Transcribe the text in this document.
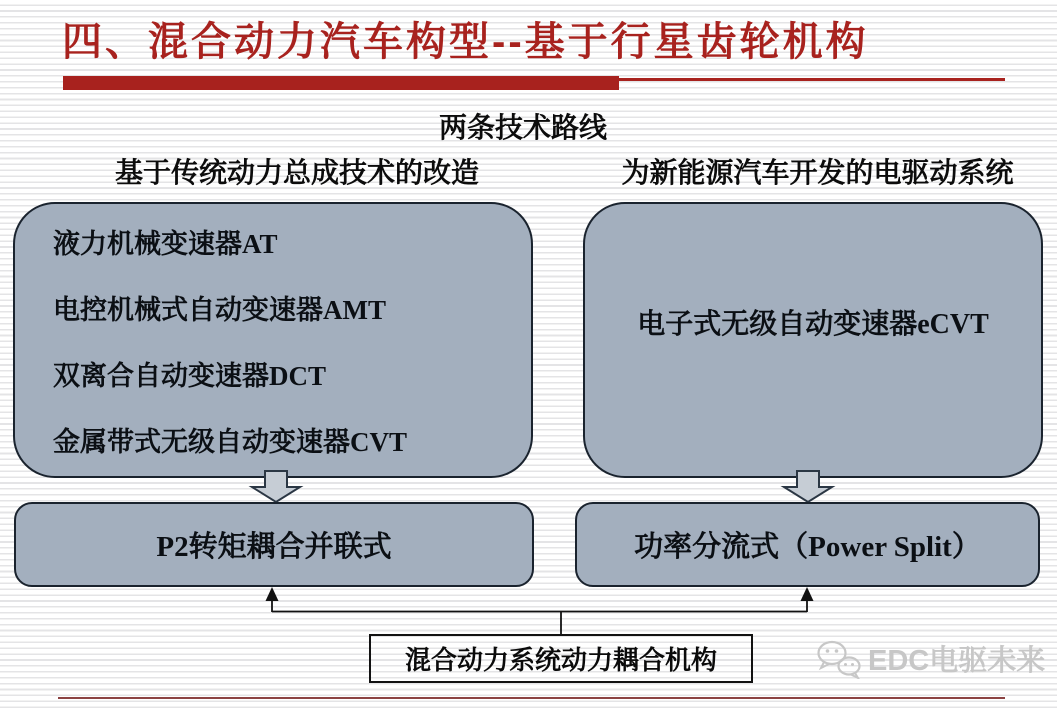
四、混合动力汽车构型--基于行星齿轮机构
两条技术路线
基于传统动力总成技术的改造	为新能源汽车开发的电驱动系统
液力机械变速器AT
电控机械式自动变速器AMT
双离合自动变速器DCT
金属带式无级自动变速器CVT
电子式无级自动变速器eCVT
P2转矩耦合并联式	功率分流式（Power Split）
混合动力系统动力耦合机构	EDC电驱未来
